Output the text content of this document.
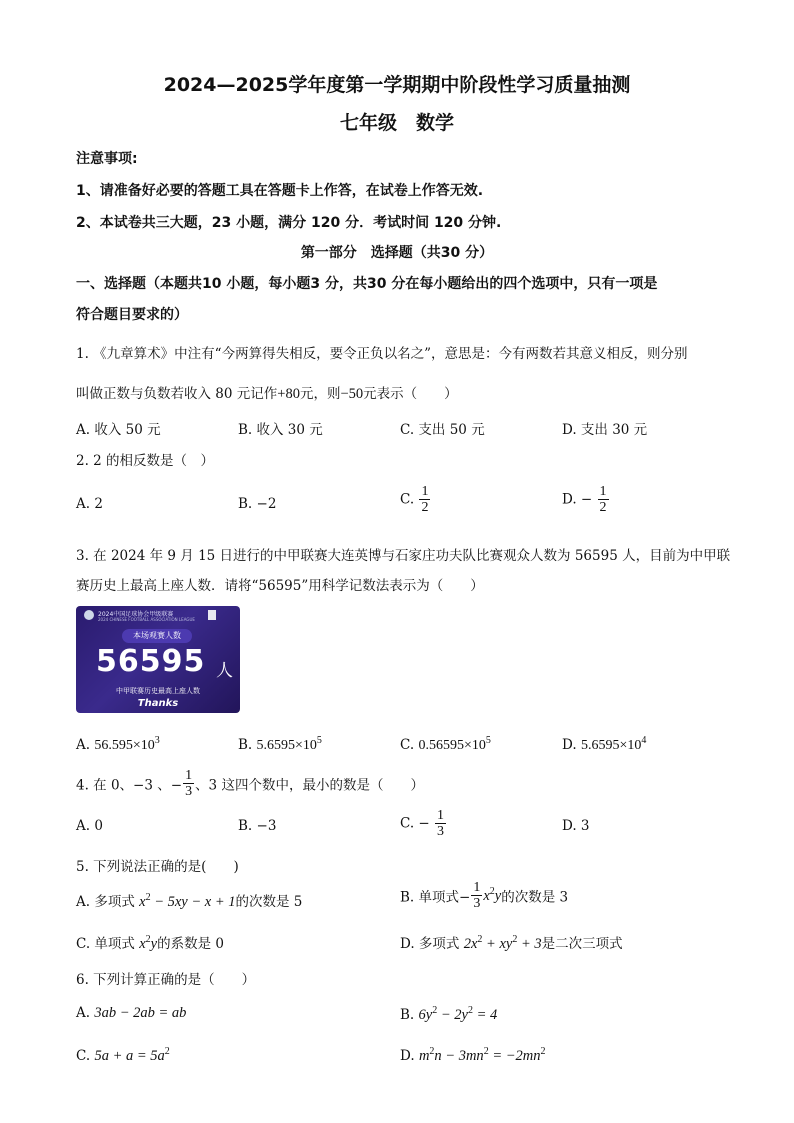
2024—2025学年度第一学期期中阶段性学习质量抽测
七年级　数学
注意事项:
1、请准备好必要的答题工具在答题卡上作答，在试卷上作答无效.
2、本试卷共三大题，23 小题，满分 120 分．考试时间 120 分钟.
第一部分　选择题（共30 分）
一、选择题（本题共10 小题，每小题3 分，共30 分在每小题给出的四个选项中，只有一项是
符合题目要求的）
1. 《九章算术》中注有“今两算得失相反，要令正负以名之”，意思是：今有两数若其意义相反，则分别
叫做正数与负数若收入 80 元记作+80元，则−50元表示（　　）
A. 收入 50 元	B. 收入 30 元	C. 支出 50 元	D. 支出 30 元
2. 2 的相反数是（　）
A. 2	B. −2	C. $\frac{1}{2}$	D. − $\frac{1}{2}$
3. 在 2024 年 9 月 15 日进行的中甲联赛大连英博与石家庄功夫队比赛观众人数为 56595 人，目前为中甲联
赛历史上最高上座人数．请将“56595”用科学记数法表示为（　　）
2024中国足球协会甲级联赛
2024 CHINESE FOOTBALL ASSOCIATION LEAGUE
本场观赛人数
56595 人
中甲联赛历史最高上座人数
Thanks
A. $56.595\times 10^3$	B. $5.6595\times 10^5$	C. $0.56595\times 10^5$	D. $5.6595\times 10^4$
4. 在 0、−3 、− $\frac{1}{3}$ 、3 这四个数中，最小的数是（　　）
A. 0	B. −3	C. − $\frac{1}{3}$	D. 3
5. 下列说法正确的是(　　)
A. 多项式 $x^2 - 5xy - x + 1$的次数是 5	B. 单项式− $\frac{1}{3} x^2y$的次数是 3
C. 单项式 $x^2y$的系数是 0	D. 多项式 $2x^2 + xy^2 + 3$是二次三项式
6. 下列计算正确的是（　　）
A. 3ab − 2ab = ab	B. $6y^2 - 2y^2 = 4$
C. $5a + a = 5a^2$	D. $m^2n - 3mn^2 = -2mn^2$
